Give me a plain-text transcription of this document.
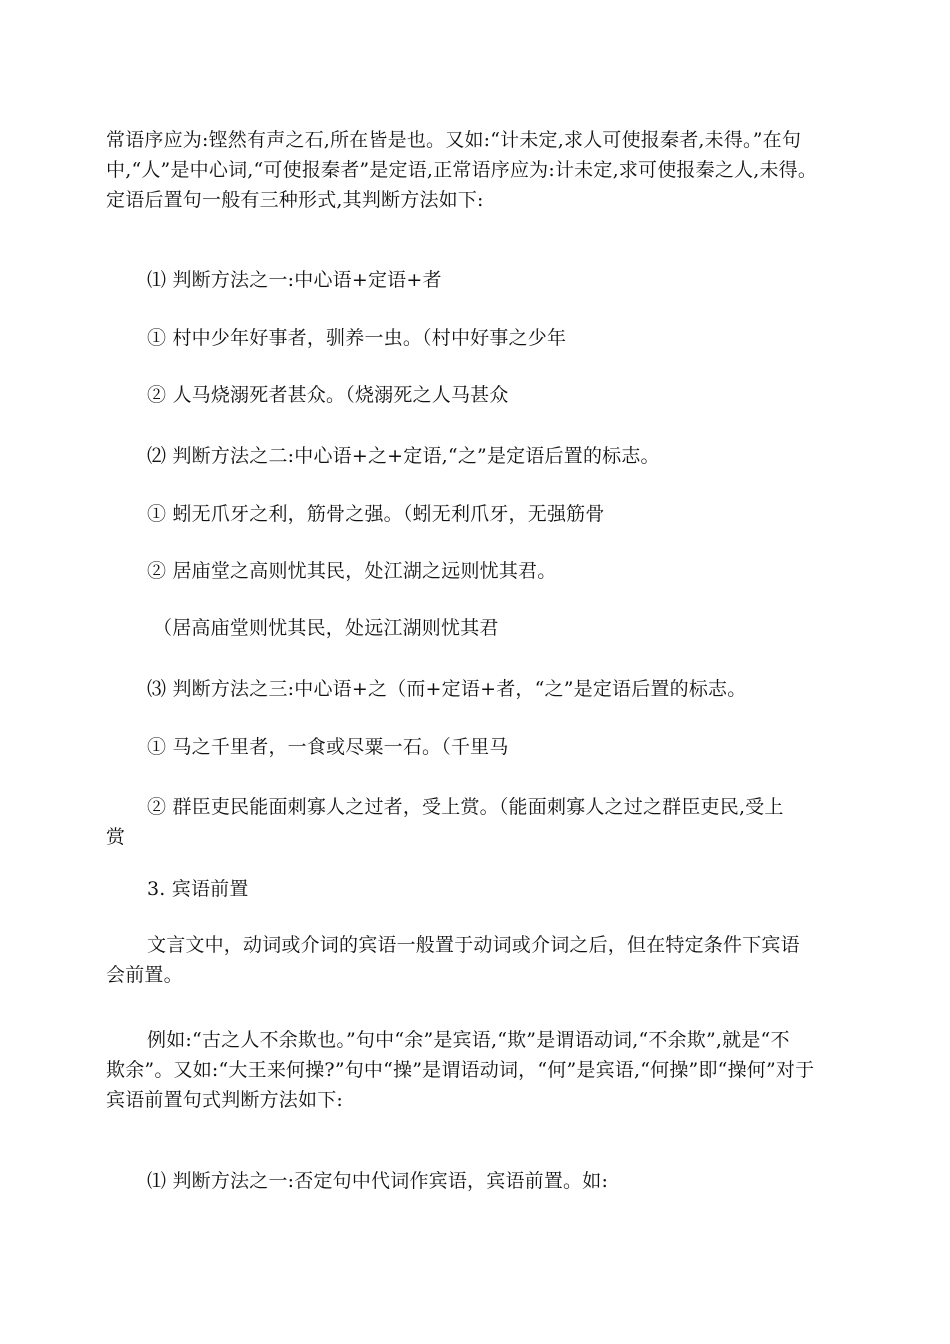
常语序应为:铿然有声之石,所在皆是也。又如:“计未定,求人可使报秦者,未得。”在句
中,“人”是中心词,“可使报秦者”是定语,正常语序应为:计未定,求可使报秦之人,未得。
定语后置句一般有三种形式,其判断方法如下:
⑴ 判断方法之一:中心语+定语+者
① 村中少年好事者，驯养一虫。（村中好事之少年
② 人马烧溺死者甚众。（烧溺死之人马甚众
⑵ 判断方法之二:中心语+之+定语,“之”是定语后置的标志。
① 蚓无爪牙之利，筋骨之强。（蚓无利爪牙，无强筋骨
② 居庙堂之高则忧其民，处江湖之远则忧其君。
（居高庙堂则忧其民，处远江湖则忧其君
⑶ 判断方法之三:中心语+之（而+定语+者，“之”是定语后置的标志。
① 马之千里者，一食或尽粟一石。（千里马
② 群臣吏民能面刺寡人之过者，受上赏。（能面刺寡人之过之群臣吏民,受上
赏
3. 宾语前置
文言文中，动词或介词的宾语一般置于动词或介词之后，但在特定条件下宾语
会前置。
例如:“古之人不余欺也。”句中“余”是宾语,“欺”是谓语动词,“不余欺”,就是“不
欺余”。又如:“大王来何操?”句中“操”是谓语动词，“何”是宾语,“何操”即“操何”对于
宾语前置句式判断方法如下:
⑴ 判断方法之一:否定句中代词作宾语，宾语前置。如:
